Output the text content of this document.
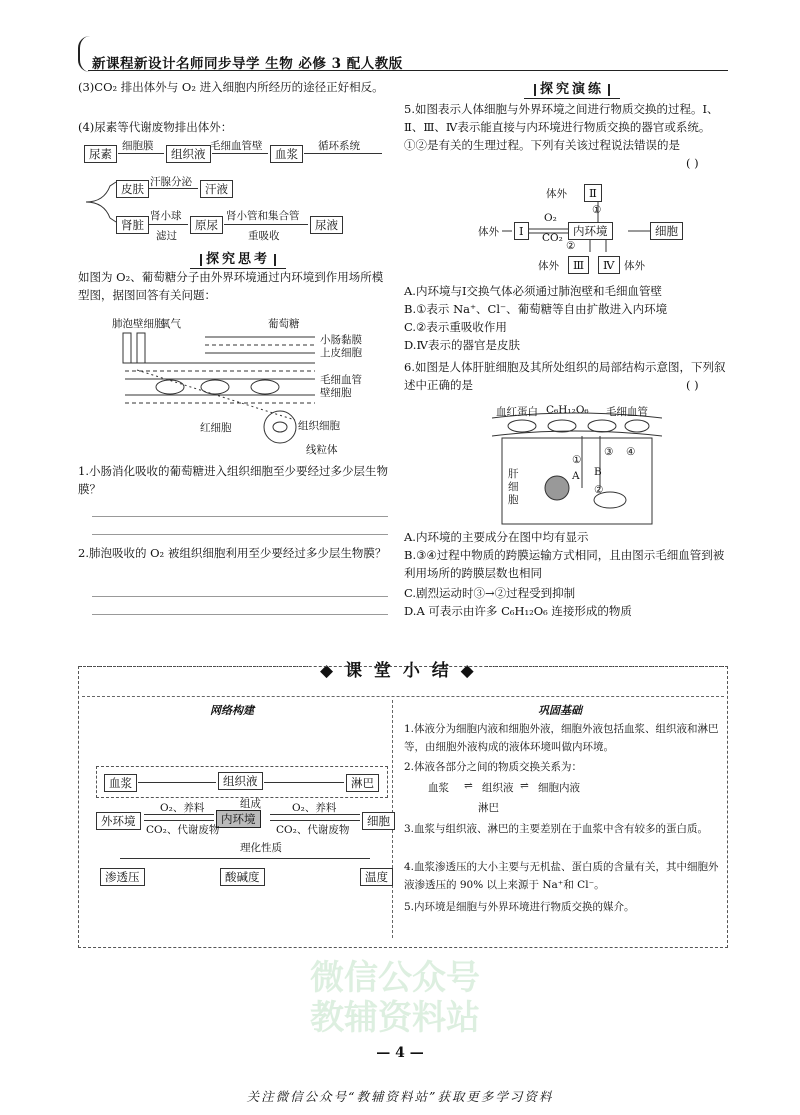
新课程新设计名师同步导学 生物 必修 3 配人教版
(3)CO₂ 排出体外与 O₂ 进入细胞内所经历的途径正好相反。
(4)尿素等代谢废物排出体外：
尿素
细胞膜
组织液
毛细血管壁
血浆
循环系统
皮肤 汗腺分泌	汗液
肾脏
肾小球
滤过
原尿
肾小管和集合管
重吸收
尿液
探究思考
如图为 O₂、葡萄糖分子由外界环境通过内环境到作用场所模型图，据图回答有关问题：
肺泡壁细胞
氧气	葡萄糖
小肠黏膜上皮细胞
毛细血管壁细胞
红细胞	组织细胞
线粒体
1.小肠消化吸收的葡萄糖进入组织细胞至少要经过多少层生物膜？
2.肺泡吸收的 O₂ 被组织细胞利用至少要经过多少层生物膜？
探究演练
5.如图表示人体细胞与外界环境之间进行物质交换的过程。Ⅰ、Ⅱ、Ⅲ、Ⅳ表示能直接与内环境进行物质交换的器官或系统。①②是有关的生理过程。下列有关该过程说法错误的是
( )
体外	Ⅱ
①
体外	Ⅰ
O₂
CO₂ 内环境	细胞
②
体外	Ⅲ	Ⅳ 体外
A.内环境与Ⅰ交换气体必须通过肺泡壁和毛细血管壁
B.①表示 Na⁺、Cl⁻、葡萄糖等自由扩散进入内环境
C.②表示重吸收作用
D.Ⅳ表示的器官是皮肤
6.如图是人体肝脏细胞及其所处组织的局部结构示意图，下列叙述中正确的是	( )
血红蛋白 C₆H₁₂O₆ 毛细血管
肝细胞
①
A B
②
③ ④
A.内环境的主要成分在图中均有显示
B.③④过程中物质的跨膜运输方式相同，且由图示毛细血管到被利用场所的跨膜层数也相同
C.剧烈运动时③→②过程受到抑制
D.A 可表示由许多 C₆H₁₂O₆ 连接形成的物质
◆ 课 堂 小 结 ◆
网络构建	巩固基础
血浆	组织液	淋巴
组成
外环境	内环境	细胞
O₂、养料
CO₂、代谢废物
O₂、养料
CO₂、代谢废物
理化性质
渗透压	酸碱度	温度
1.体液分为细胞内液和细胞外液，细胞外液包括血浆、组织液和淋巴等，由细胞外液构成的液体环境叫做内环境。
2.体液各部分之间的物质交换关系为：
血浆 ⇌ 组织液 ⇌ 细胞内液
淋巴
3.血浆与组织液、淋巴的主要差别在于血浆中含有较多的蛋白质。
4.血浆渗透压的大小主要与无机盐、蛋白质的含量有关，其中细胞外液渗透压的 90% 以上来源于 Na⁺和 Cl⁻。
5.内环境是细胞与外界环境进行物质交换的媒介。
微信公众号
教辅资料站
— 4 —
关注微信公众号“教辅资料站”获取更多学习资料
